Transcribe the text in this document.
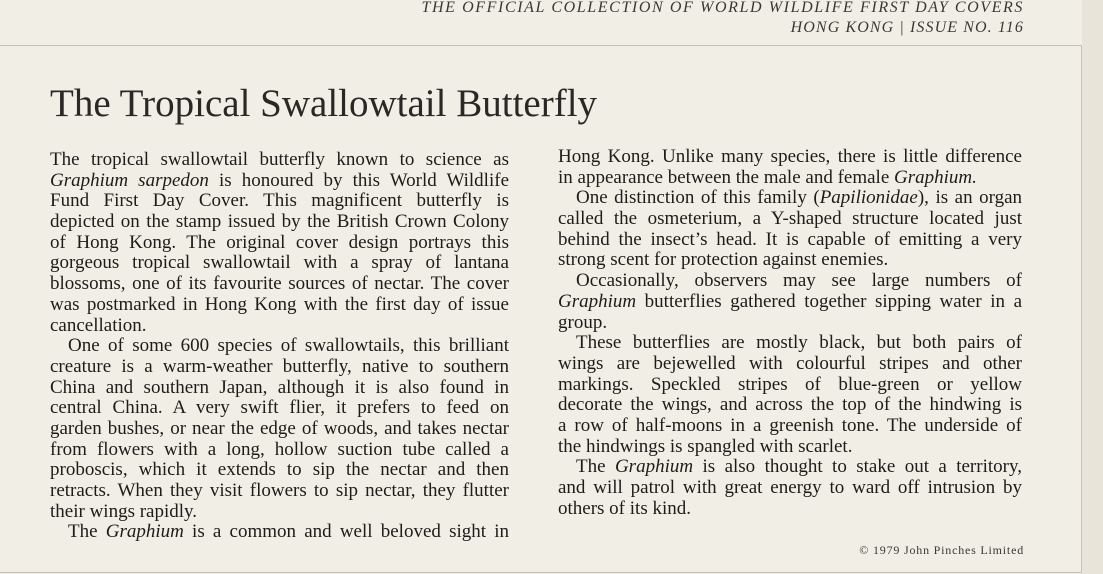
THE OFFICIAL COLLECTION OF WORLD WILDLIFE FIRST DAY COVERS
HONG KONG | ISSUE NO. 116
The Tropical Swallowtail Butterfly
The tropical swallowtail butterfly known to science as
Graphium sarpedon is honoured by this World Wildlife
Fund First Day Cover. This magnificent butterfly is
depicted on the stamp issued by the British Crown Colony
of Hong Kong. The original cover design portrays this
gorgeous tropical swallowtail with a spray of lantana
blossoms, one of its favourite sources of nectar. The cover
was postmarked in Hong Kong with the first day of issue
cancellation.
One of some 600 species of swallowtails, this brilliant
creature is a warm-weather butterfly, native to southern
China and southern Japan, although it is also found in
central China. A very swift flier, it prefers to feed on
garden bushes, or near the edge of woods, and takes nectar
from flowers with a long, hollow suction tube called a
proboscis, which it extends to sip the nectar and then
retracts. When they visit flowers to sip nectar, they flutter
their wings rapidly.
The Graphium is a common and well beloved sight in
Hong Kong. Unlike many species, there is little difference
in appearance between the male and female Graphium.
One distinction of this family (Papilionidae), is an organ
called the osmeterium, a Y-shaped structure located just
behind the insect’s head. It is capable of emitting a very
strong scent for protection against enemies.
Occasionally, observers may see large numbers of
Graphium butterflies gathered together sipping water in a
group.
These butterflies are mostly black, but both pairs of
wings are bejewelled with colourful stripes and other
markings. Speckled stripes of blue-green or yellow
decorate the wings, and across the top of the hindwing is
a row of half-moons in a greenish tone. The underside of
the hindwings is spangled with scarlet.
The Graphium is also thought to stake out a territory,
and will patrol with great energy to ward off intrusion by
others of its kind.
© 1979 John Pinches Limited
